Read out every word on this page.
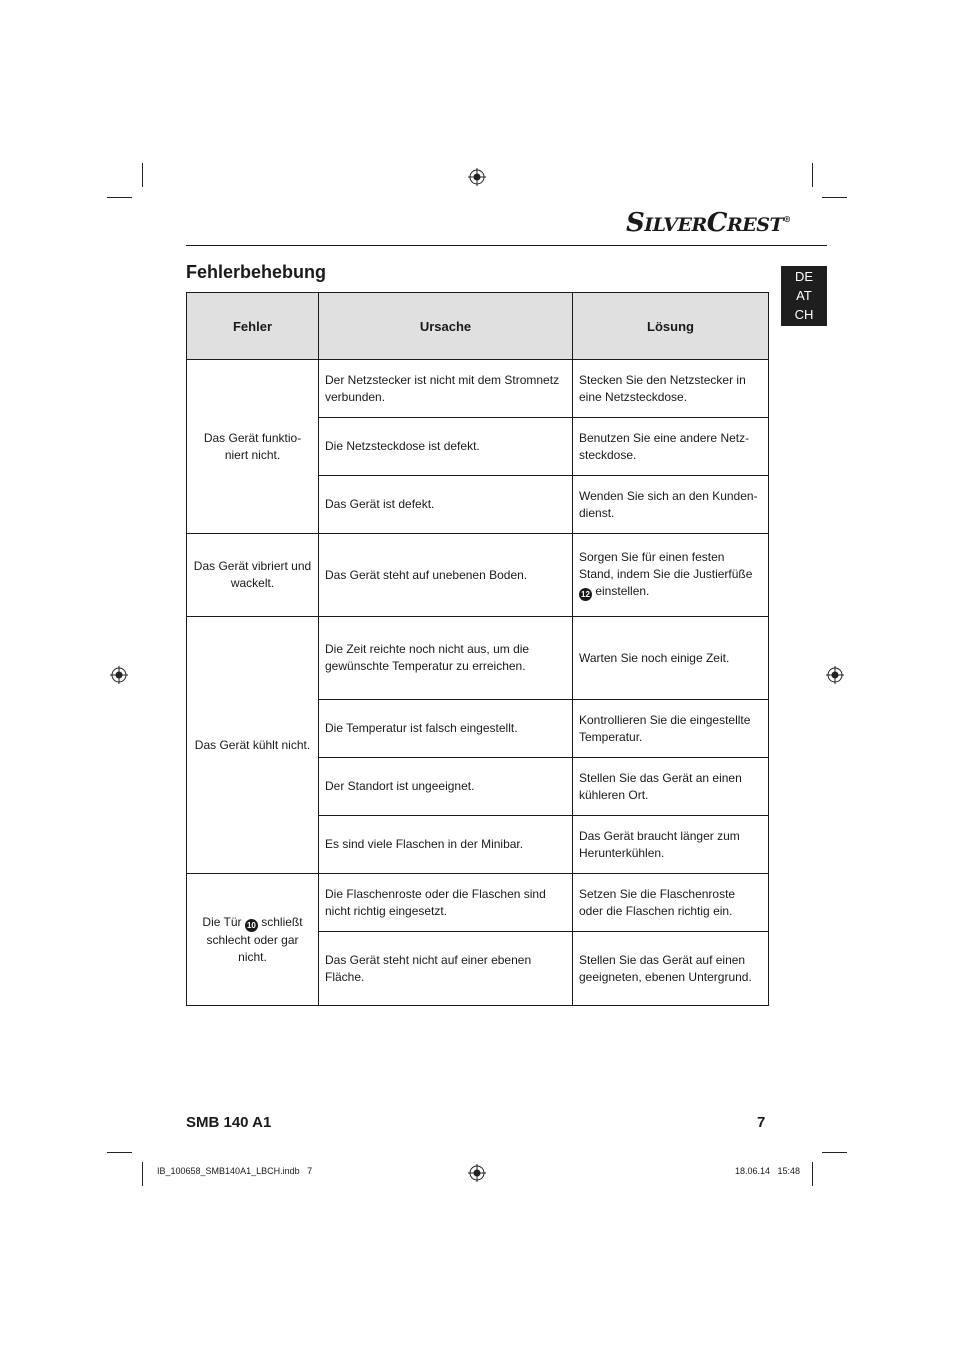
SILVERCREST®
Fehlerbehebung	DE
AT
CH
Fehler	Ursache	Lösung
Das Gerät funktio-niert nicht.	Der Netzstecker ist nicht mit dem Stromnetz verbunden.	Stecken Sie den Netzstecker in eine Netzsteckdose.
	Die Netzsteckdose ist defekt.	Benutzen Sie eine andere Netz-steckdose.
	Das Gerät ist defekt.	Wenden Sie sich an den Kunden-dienst.
Das Gerät vibriert und wackelt.	Das Gerät steht auf unebenen Boden.	Sorgen Sie für einen festen Stand, indem Sie die Justierfüße 12 einstellen.
Das Gerät kühlt nicht.	Die Zeit reichte noch nicht aus, um die gewünschte Temperatur zu erreichen.	Warten Sie noch einige Zeit.
	Die Temperatur ist falsch eingestellt.	Kontrollieren Sie die eingestellte Temperatur.
	Der Standort ist ungeeignet.	Stellen Sie das Gerät an einen kühleren Ort.
	Es sind viele Flaschen in der Minibar.	Das Gerät braucht länger zum Herunterkühlen.
Die Tür 10 schließt schlecht oder gar nicht.	Die Flaschenroste oder die Flaschen sind nicht richtig eingesetzt.	Setzen Sie die Flaschenroste oder die Flaschen richtig ein.
	Das Gerät steht nicht auf einer ebenen Fläche.	Stellen Sie das Gerät auf einen geeigneten, ebenen Untergrund.
SMB 140 A1	7
IB_100658_SMB140A1_LBCH.indb   7	18.06.14   15:48
